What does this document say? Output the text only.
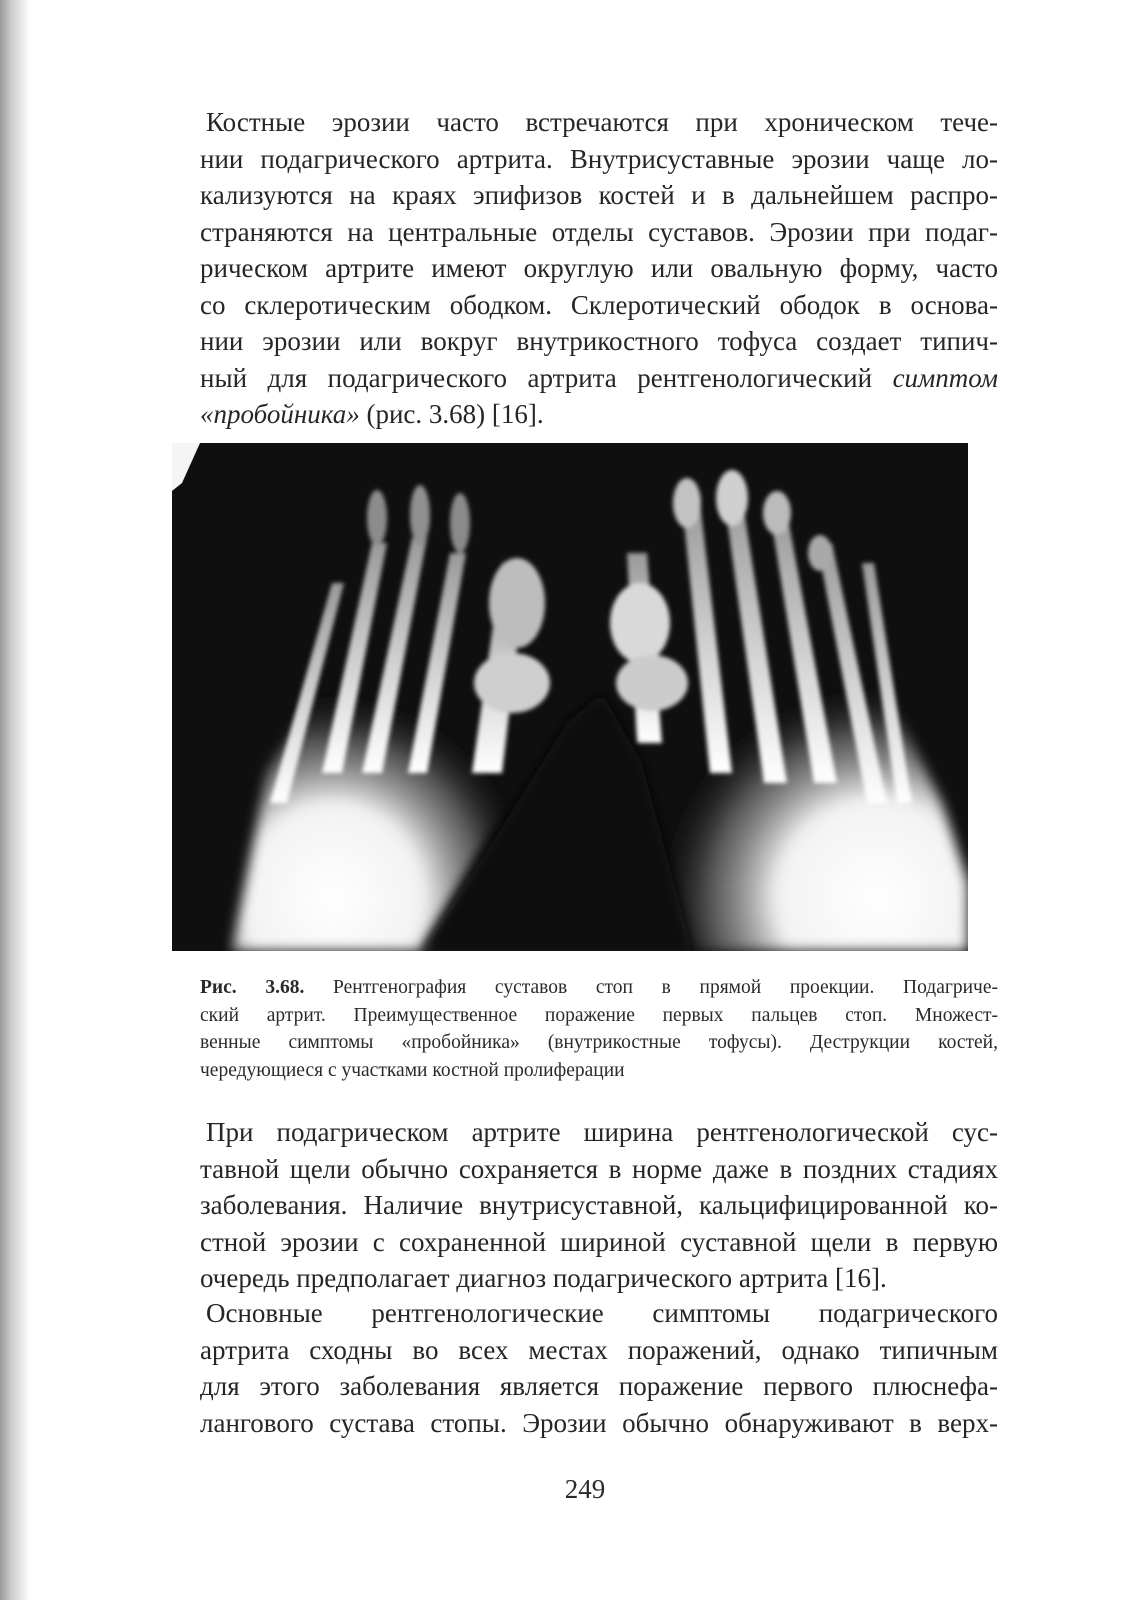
Костные эрозии часто встречаются при хроническом тече-
нии подагрического артрита. Внутрисуставные эрозии чаще ло-
кализуются на краях эпифизов костей и в дальнейшем распро-
страняются на центральные отделы суставов. Эрозии при подаг-
рическом артрите имеют округлую или овальную форму, часто
со склеротическим ободком. Склеротический ободок в основа-
нии эрозии или вокруг внутрикостного тофуса создает типич-
ный для подагрического артрита рентгенологический симптом
«пробойника» (рис. 3.68) [16].

Рис. 3.68. Рентгенография суставов стоп в прямой проекции. Подагриче-
ский артрит. Преимущественное поражение первых пальцев стоп. Множест-
венные симптомы «пробойника» (внутрикостные тофусы). Деструкции костей,
чередующиеся с участками костной пролиферации

При подагрическом артрите ширина рентгенологической сус-
тавной щели обычно сохраняется в норме даже в поздних стадиях
заболевания. Наличие внутрисуставной, кальцифицированной ко-
стной эрозии с сохраненной шириной суставной щели в первую
очередь предполагает диагноз подагрического артрита [16].

Основные рентгенологические симптомы подагрического
артрита сходны во всех местах поражений, однако типичным
для этого заболевания является поражение первого плюснефа-
лангового сустава стопы. Эрозии обычно обнаруживают в верх-

249
